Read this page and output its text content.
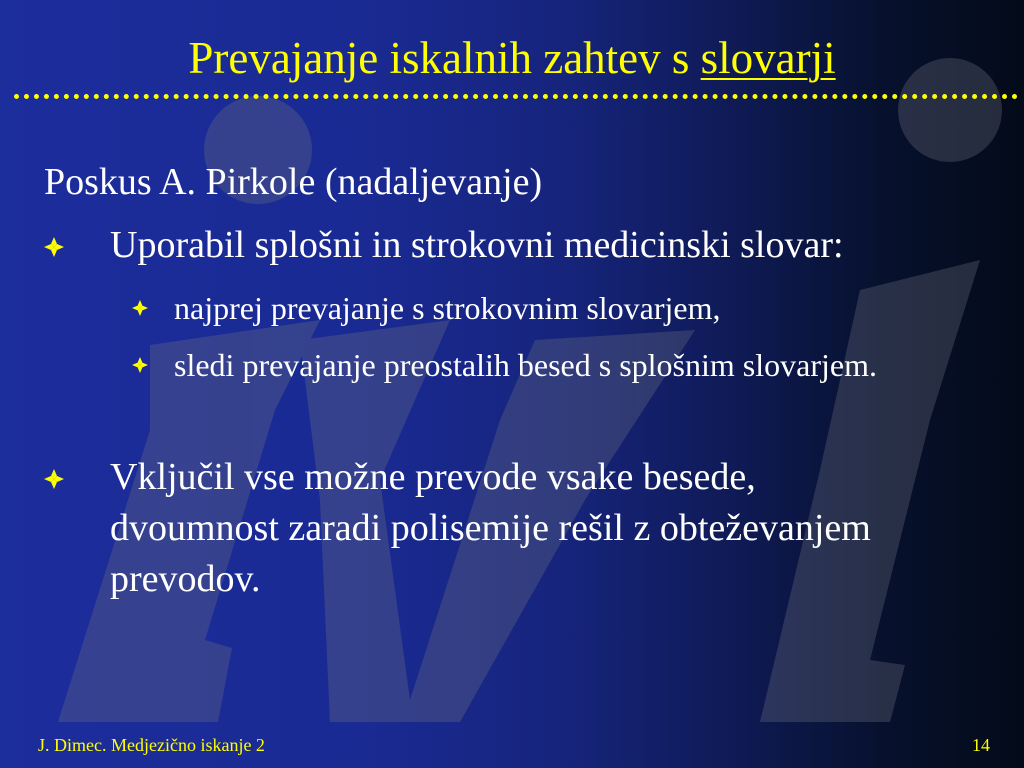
Prevajanje iskalnih zahtev s slovarji
Poskus A. Pirkole (nadaljevanje)
Uporabil splošni in strokovni medicinski slovar:
najprej prevajanje s strokovnim slovarjem,
sledi prevajanje preostalih besed s splošnim slovarjem.
Vključil vse možne prevode vsake besede, dvoumnost zaradi polisemije rešil z obteževanjem prevodov.
J. Dimec. Medjezično iskanje 2	14
